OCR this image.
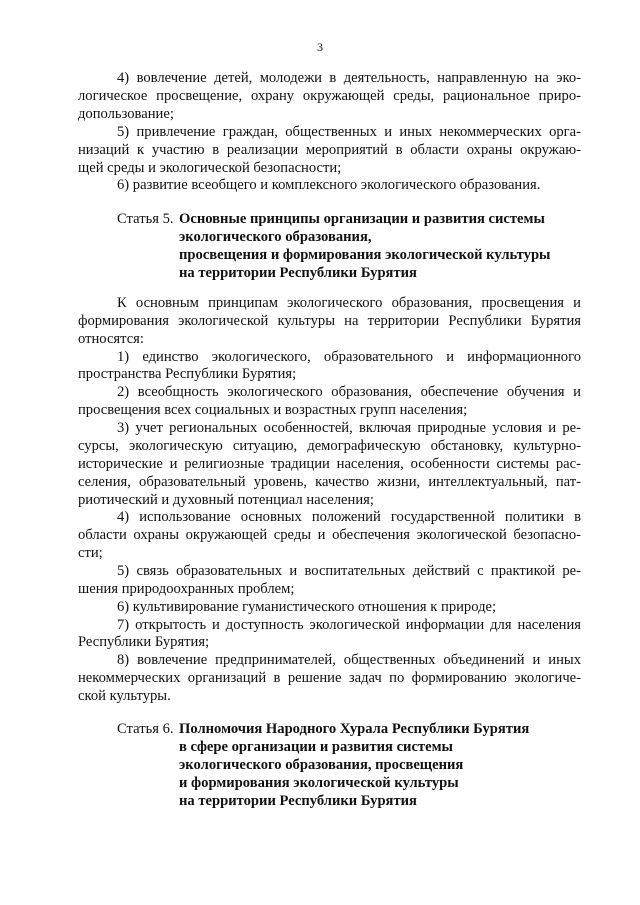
3
4) вовлечение детей, молодежи в деятельность, направленную на эко-
логическое просвещение, охрану окружающей среды, рациональное приро-
допользование;
5) привлечение граждан, общественных и иных некоммерческих орга-
низаций к участию в реализации мероприятий в области охраны окружаю-
щей среды и экологической безопасности;
6) развитие всеобщего и комплексного экологического образования.
Статья 5. Основные принципы организации и развития системы
экологического образования,
просвещения и формирования экологической культуры
на территории Республики Бурятия
К основным принципам экологического образования, просвещения и
формирования экологической культуры на территории Республики Бурятия
относятся:
1) единство экологического, образовательного и информационного
пространства Республики Бурятия;
2) всеобщность экологического образования, обеспечение обучения и
просвещения всех социальных и возрастных групп населения;
3) учет региональных особенностей, включая природные условия и ре-
сурсы, экологическую ситуацию, демографическую обстановку, культурно-
исторические и религиозные традиции населения, особенности системы рас-
селения, образовательный уровень, качество жизни, интеллектуальный, пат-
риотический и духовный потенциал населения;
4) использование основных положений государственной политики в
области охраны окружающей среды и обеспечения экологической безопасно-
сти;
5) связь образовательных и воспитательных действий с практикой ре-
шения природоохранных проблем;
6) культивирование гуманистического отношения к природе;
7) открытость и доступность экологической информации для населения
Республики Бурятия;
8) вовлечение предпринимателей, общественных объединений и иных
некоммерческих организаций в решение задач по формированию экологиче-
ской культуры.
Статья 6. Полномочия Народного Хурала Республики Бурятия
в сфере организации и развития системы
экологического образования, просвещения
и формирования экологической культуры
на территории Республики Бурятия
